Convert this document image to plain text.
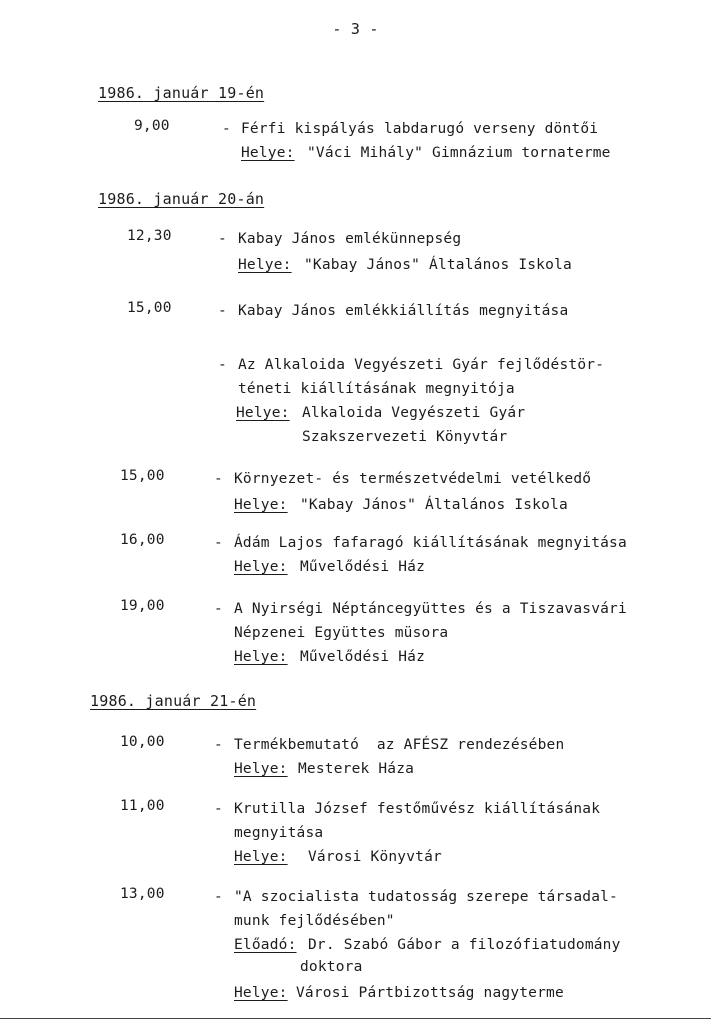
- 3 -
1986. január 19-én
9,00	- Férfi kispályás labdarugó verseny döntői
Helye: "Váci Mihály" Gimnázium tornaterme
1986. január 20-án
12,30	- Kabay János emlékünnepség
Helye: "Kabay János" Általános Iskola
15,00	- Kabay János emlékkiállítás megnyitása
- Az Alkaloida Vegyészeti Gyár fejlődéstör-
téneti kiállításának megnyitója
Helye: Alkaloida Vegyészeti Gyár
Szakszervezeti Könyvtár
15,00	- Környezet- és természetvédelmi vetélkedő
Helye: "Kabay János" Általános Iskola
16,00	- Ádám Lajos fafaragó kiállításának megnyitása
Helye: Művelődési Ház
19,00	- A Nyirségi Néptáncegyüttes és a Tiszavasvári
Népzenei Együttes müsora
Helye: Művelődési Ház
1986. január 21-én
10,00	- Termékbemutató  az AFÉSZ rendezésében
Helye: Mesterek Háza
11,00	- Krutilla József festőművész kiállításának
megnyitása
Helye: Városi Könyvtár
13,00	- "A szocialista tudatosság szerepe társadal-
munk fejlődésében"
Előadó: Dr. Szabó Gábor a filozófiatudomány
doktora
Helye: Városi Pártbizottság nagyterme
